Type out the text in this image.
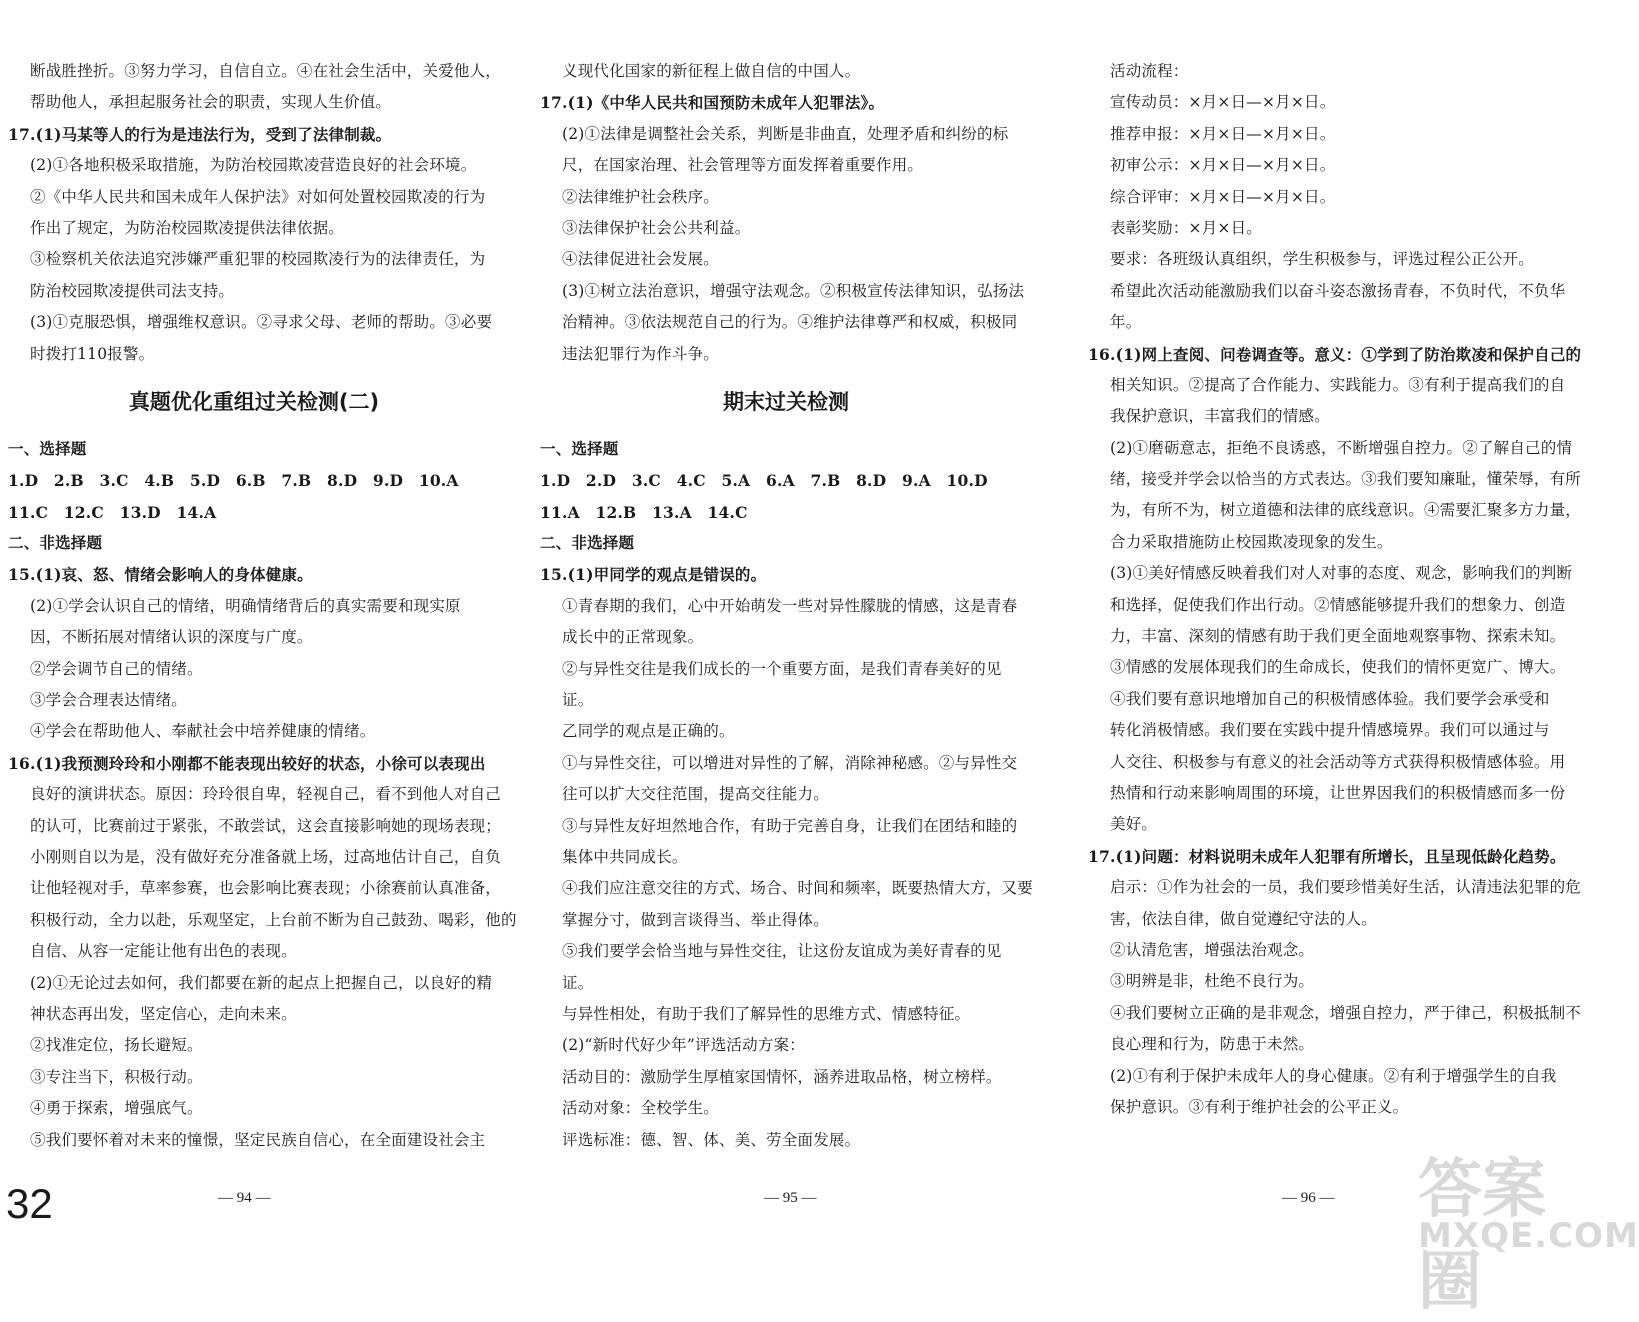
断战胜挫折。③努力学习，自信自立。④在社会生活中，关爱他人，
帮助他人，承担起服务社会的职责，实现人生价值。
17.(1)马某等人的行为是违法行为，受到了法律制裁。
(2)①各地积极采取措施，为防治校园欺凌营造良好的社会环境。
②《中华人民共和国未成年人保护法》对如何处置校园欺凌的行为
作出了规定，为防治校园欺凌提供法律依据。
③检察机关依法追究涉嫌严重犯罪的校园欺凌行为的法律责任，为
防治校园欺凌提供司法支持。
(3)①克服恐惧，增强维权意识。②寻求父母、老师的帮助。③必要
时拨打110报警。
真题优化重组过关检测(二)
一、选择题
1.D　2.B　3.C　4.B　5.D　6.B　7.B　8.D　9.D　10.A
11.C　12.C　13.D　14.A
二、非选择题
15.(1)哀、怒、情绪会影响人的身体健康。
(2)①学会认识自己的情绪，明确情绪背后的真实需要和现实原
因，不断拓展对情绪认识的深度与广度。
②学会调节自己的情绪。
③学会合理表达情绪。
④学会在帮助他人、奉献社会中培养健康的情绪。
16.(1)我预测玲玲和小刚都不能表现出较好的状态，小徐可以表现出
良好的演讲状态。原因：玲玲很自卑，轻视自己，看不到他人对自己
的认可，比赛前过于紧张，不敢尝试，这会直接影响她的现场表现；
小刚则自以为是，没有做好充分准备就上场，过高地估计自己，自负
让他轻视对手，草率参赛，也会影响比赛表现；小徐赛前认真准备，
积极行动，全力以赴，乐观坚定，上台前不断为自己鼓劲、喝彩，他的
自信、从容一定能让他有出色的表现。
(2)①无论过去如何，我们都要在新的起点上把握自己，以良好的精
神状态再出发，坚定信心，走向未来。
②找准定位，扬长避短。
③专注当下，积极行动。
④勇于探索，增强底气。
⑤我们要怀着对未来的憧憬，坚定民族自信心，在全面建设社会主
义现代化国家的新征程上做自信的中国人。
17.(1)《中华人民共和国预防未成年人犯罪法》。
(2)①法律是调整社会关系，判断是非曲直，处理矛盾和纠纷的标
尺，在国家治理、社会管理等方面发挥着重要作用。
②法律维护社会秩序。
③法律保护社会公共利益。
④法律促进社会发展。
(3)①树立法治意识，增强守法观念。②积极宣传法律知识，弘扬法
治精神。③依法规范自己的行为。④维护法律尊严和权威，积极同
违法犯罪行为作斗争。
期末过关检测
一、选择题
1.D　2.D　3.C　4.C　5.A　6.A　7.B　8.D　9.A　10.D
11.A　12.B　13.A　14.C
二、非选择题
15.(1)甲同学的观点是错误的。
①青春期的我们，心中开始萌发一些对异性朦胧的情感，这是青春
成长中的正常现象。
②与异性交往是我们成长的一个重要方面，是我们青春美好的见
证。
乙同学的观点是正确的。
①与异性交往，可以增进对异性的了解，消除神秘感。②与异性交
往可以扩大交往范围，提高交往能力。
③与异性友好坦然地合作，有助于完善自身，让我们在团结和睦的
集体中共同成长。
④我们应注意交往的方式、场合、时间和频率，既要热情大方，又要
掌握分寸，做到言谈得当、举止得体。
⑤我们要学会恰当地与异性交往，让这份友谊成为美好青春的见
证。
与异性相处，有助于我们了解异性的思维方式、情感特征。
(2)“新时代好少年”评选活动方案：
活动目的：激励学生厚植家国情怀，涵养进取品格，树立榜样。
活动对象：全校学生。
评选标准：德、智、体、美、劳全面发展。
活动流程：
宣传动员：×月×日—×月×日。
推荐申报：×月×日—×月×日。
初审公示：×月×日—×月×日。
综合评审：×月×日—×月×日。
表彰奖励：×月×日。
要求：各班级认真组织，学生积极参与，评选过程公正公开。
希望此次活动能激励我们以奋斗姿态激扬青春，不负时代，不负华
年。
16.(1)网上查阅、问卷调查等。意义：①学到了防治欺凌和保护自己的
相关知识。②提高了合作能力、实践能力。③有利于提高我们的自
我保护意识，丰富我们的情感。
(2)①磨砺意志，拒绝不良诱惑，不断增强自控力。②了解自己的情
绪，接受并学会以恰当的方式表达。③我们要知廉耻，懂荣辱，有所
为，有所不为，树立道德和法律的底线意识。④需要汇聚多方力量，
合力采取措施防止校园欺凌现象的发生。
(3)①美好情感反映着我们对人对事的态度、观念，影响我们的判断
和选择，促使我们作出行动。②情感能够提升我们的想象力、创造
力，丰富、深刻的情感有助于我们更全面地观察事物、探索未知。
③情感的发展体现我们的生命成长，使我们的情怀更宽广、博大。
④我们要有意识地增加自己的积极情感体验。我们要学会承受和
转化消极情感。我们要在实践中提升情感境界。我们可以通过与
人交往、积极参与有意义的社会活动等方式获得积极情感体验。用
热情和行动来影响周围的环境，让世界因我们的积极情感而多一份
美好。
17.(1)问题：材料说明未成年人犯罪有所增长，且呈现低龄化趋势。
启示：①作为社会的一员，我们要珍惜美好生活，认清违法犯罪的危
害，依法自律，做自觉遵纪守法的人。
②认清危害，增强法治观念。
③明辨是非，杜绝不良行为。
④我们要树立正确的是非观念，增强自控力，严于律己，积极抵制不
良心理和行为，防患于未然。
(2)①有利于保护未成年人的身心健康。②有利于增强学生的自我
保护意识。③有利于维护社会的公平正义。
32	— 94 —	— 95 —	— 96 — 答案圈
MXQE.COM
